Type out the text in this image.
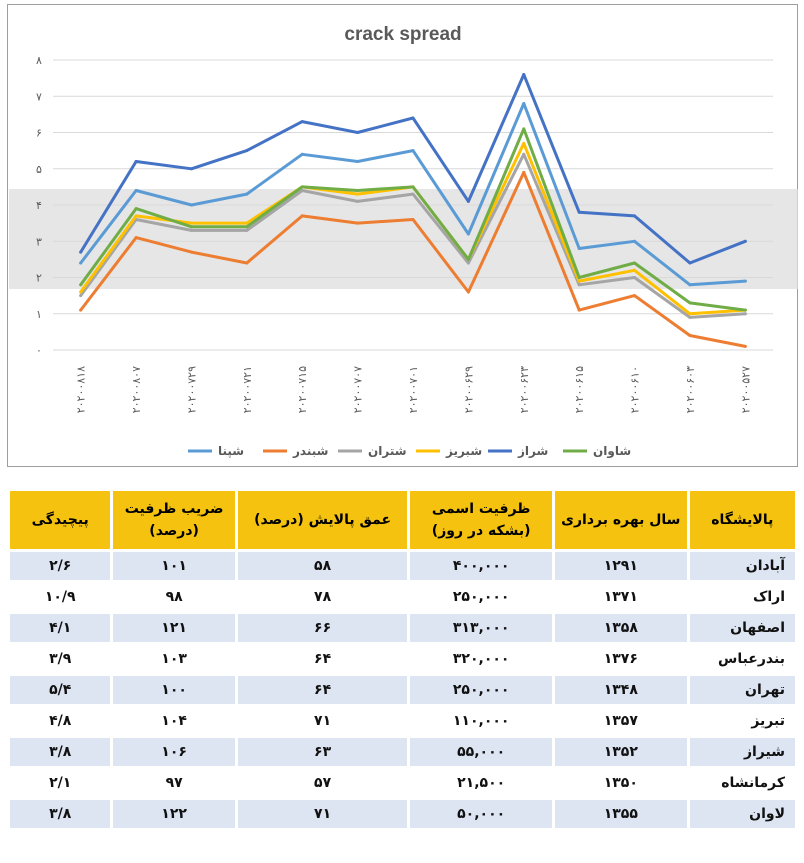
crack spread
۰
۱
۲
۳
۴
۵
۶
۷
۸
۲۰۲۰۰۸۱۸	۲۰۲۰۰۸۰۷	۲۰۲۰۰۷۲۹	۲۰۲۰۰۷۲۱	۲۰۲۰۰۷۱۵	۲۰۲۰۰۷۰۷	۲۰۲۰۰۷۰۱	۲۰۲۰۰۶۲۹	۲۰۲۰۰۶۲۳	۲۰۲۰۰۶۱۵	۲۰۲۰۰۶۱۰	۲۰۲۰۰۶۰۳	۲۰۲۰۰۵۲۷
شپنا	شبندر	شتران	شبریز	شراز	شاوان
پالایشگاه	سال بهره برداری	ظرفیت اسمی (بشکه در روز)	عمق پالایش (درصد)	ضریب ظرفیت (درصد)	پیچیدگی
آبادان	۱۲۹۱	۴۰۰,۰۰۰	۵۸	۱۰۱	۲/۶
اراک	۱۳۷۱	۲۵۰,۰۰۰	۷۸	۹۸	۱۰/۹
اصفهان	۱۳۵۸	۳۱۳,۰۰۰	۶۶	۱۲۱	۴/۱
بندرعباس	۱۳۷۶	۳۲۰,۰۰۰	۶۴	۱۰۳	۳/۹
تهران	۱۳۴۸	۲۵۰,۰۰۰	۶۴	۱۰۰	۵/۴
تبریز	۱۳۵۷	۱۱۰,۰۰۰	۷۱	۱۰۴	۴/۸
شیراز	۱۳۵۲	۵۵,۰۰۰	۶۳	۱۰۶	۳/۸
کرمانشاه	۱۳۵۰	۲۱,۵۰۰	۵۷	۹۷	۲/۱
لاوان	۱۳۵۵	۵۰,۰۰۰	۷۱	۱۲۲	۳/۸
